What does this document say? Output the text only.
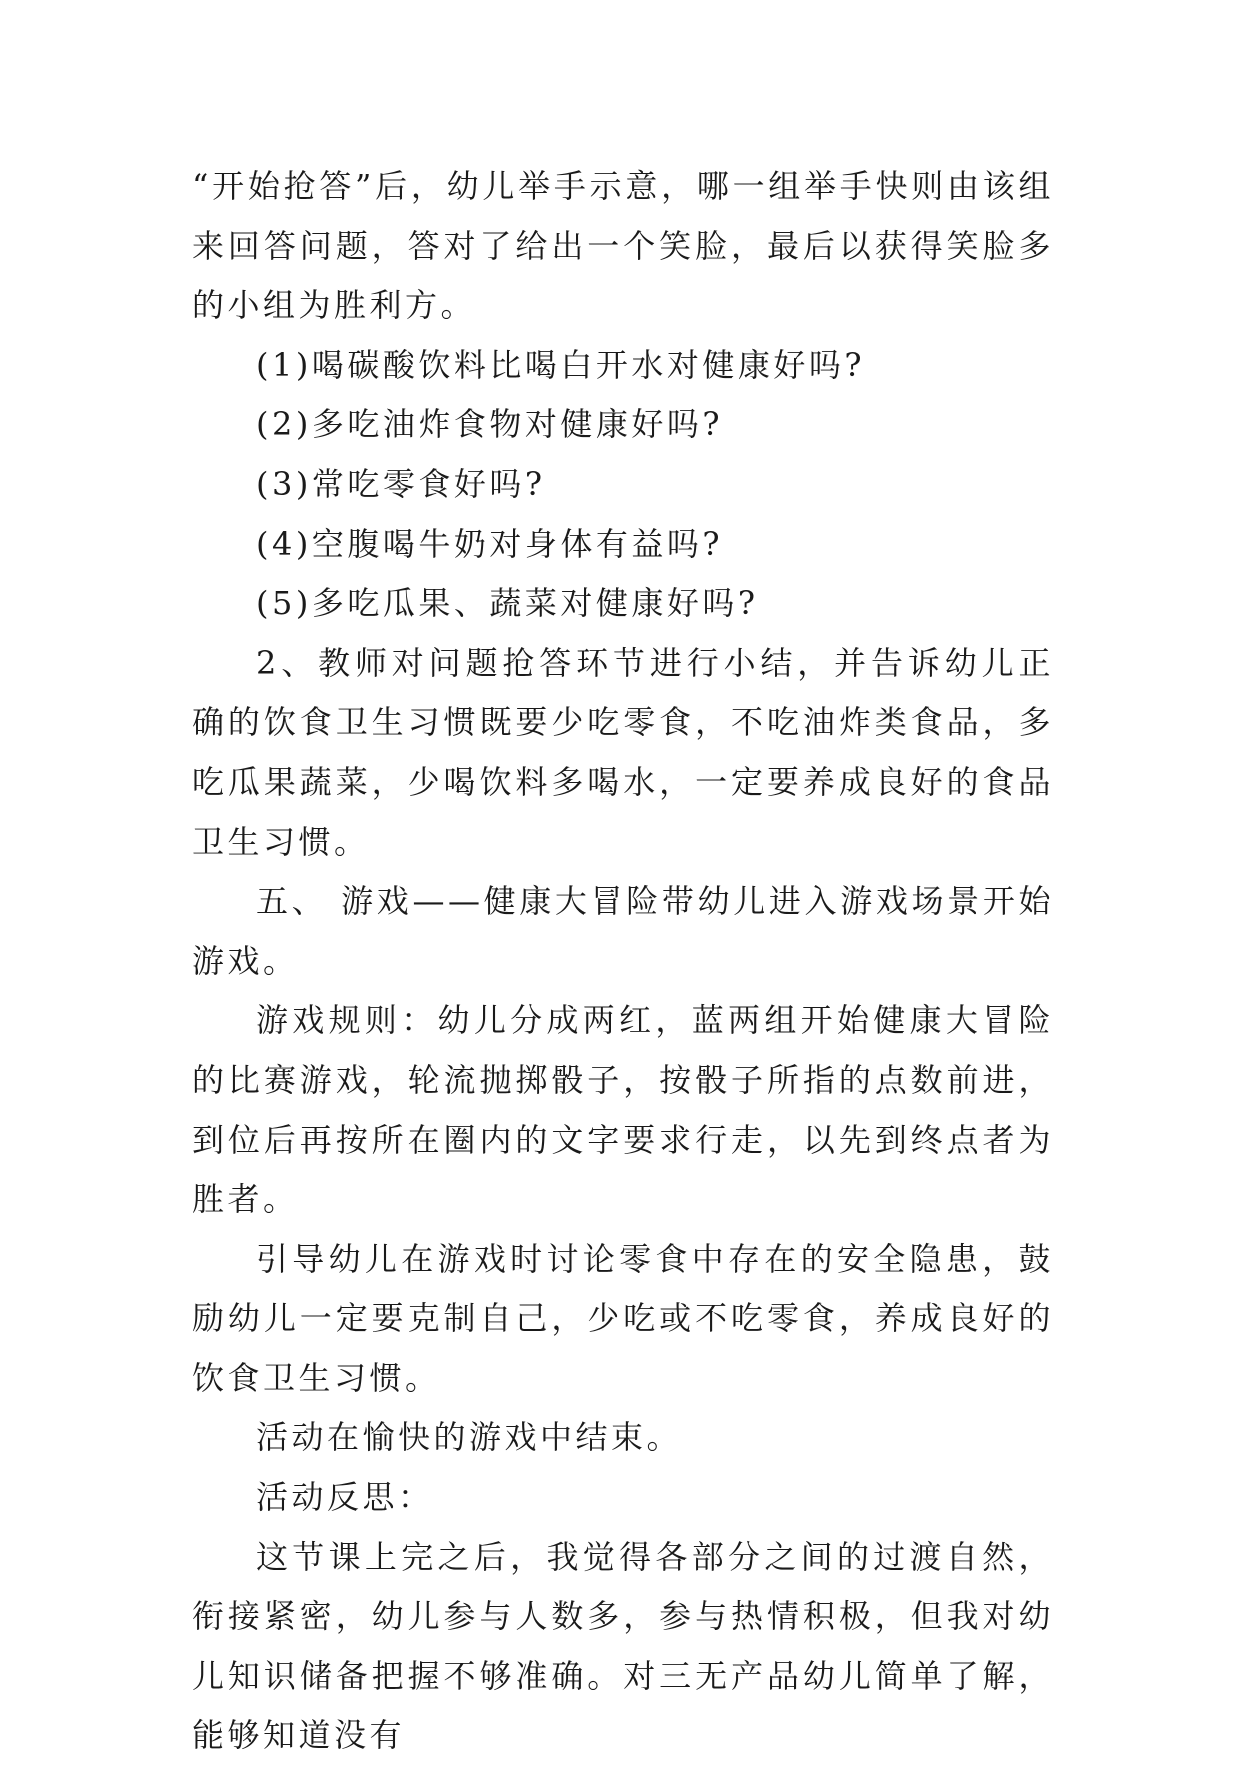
“开始抢答”后，幼儿举手示意，哪一组举手快则由该组来回答问题，答对了给出一个笑脸，最后以获得笑脸多的小组为胜利方。

(1)喝碳酸饮料比喝白开水对健康好吗?

(2)多吃油炸食物对健康好吗?

(3)常吃零食好吗?

(4)空腹喝牛奶对身体有益吗?

(5)多吃瓜果、蔬菜对健康好吗?

2、教师对问题抢答环节进行小结，并告诉幼儿正确的饮食卫生习惯既要少吃零食，不吃油炸类食品，多吃瓜果蔬菜，少喝饮料多喝水，一定要养成良好的食品卫生习惯。

五、 游戏——健康大冒险带幼儿进入游戏场景开始游戏。

游戏规则：幼儿分成两红，蓝两组开始健康大冒险的比赛游戏，轮流抛掷骰子，按骰子所指的点数前进，到位后再按所在圈内的文字要求行走，以先到终点者为胜者。

引导幼儿在游戏时讨论零食中存在的安全隐患，鼓励幼儿一定要克制自己，少吃或不吃零食，养成良好的饮食卫生习惯。

活动在愉快的游戏中结束。

活动反思：

这节课上完之后，我觉得各部分之间的过渡自然，衔接紧密，幼儿参与人数多，参与热情积极，但我对幼儿知识储备把握不够准确。对三无产品幼儿简单了解，能够知道没有
